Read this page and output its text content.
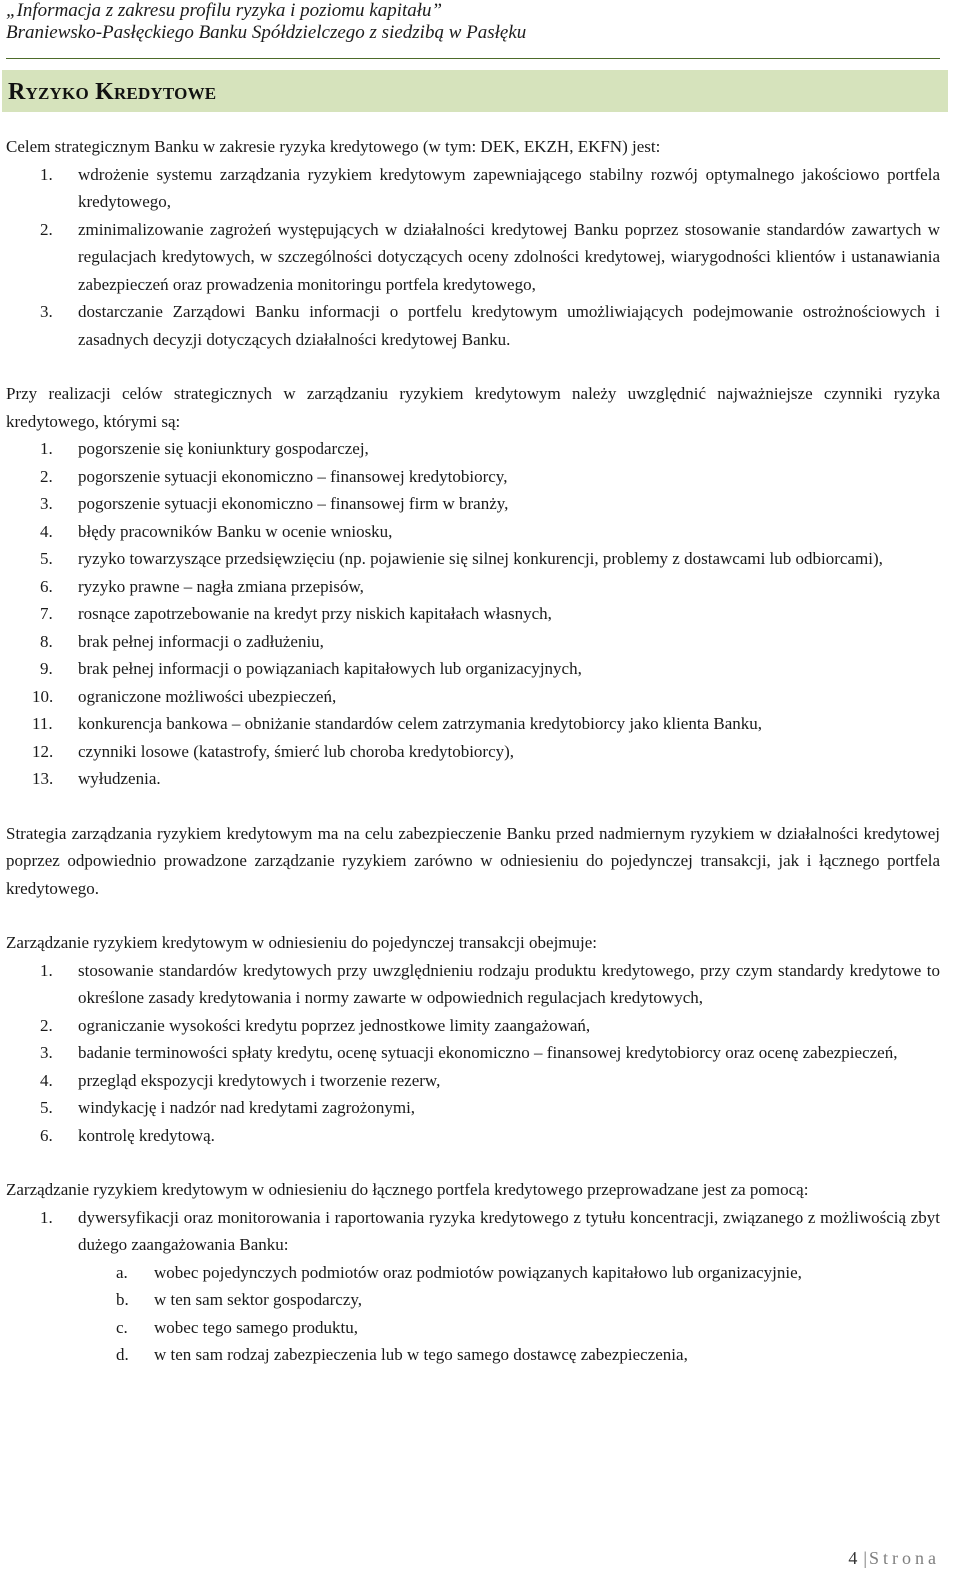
„Informacja z zakresu profilu ryzyka i poziomu kapitału”
Braniewsko-Pasłęckiego Banku Spółdzielczego z siedzibą w Pasłęku
Ryzyko Kredytowe

Celem strategicznym Banku w zakresie ryzyka kredytowego (w tym: DEK, EKZH, EKFN) jest:

1. wdrożenie systemu zarządzania ryzykiem kredytowym zapewniającego stabilny rozwój optymalnego jakościowo portfela kredytowego,
2. zminimalizowanie zagrożeń występujących w działalności kredytowej Banku poprzez stosowanie standardów zawartych w regulacjach kredytowych, w szczególności dotyczących oceny zdolności kredytowej, wiarygodności klientów i ustanawiania zabezpieczeń oraz prowadzenia monitoringu portfela kredytowego,
3. dostarczanie Zarządowi Banku informacji o portfelu kredytowym umożliwiających podejmowanie ostrożnościowych i zasadnych decyzji dotyczących działalności kredytowej Banku.

Przy realizacji celów strategicznych w zarządzaniu ryzykiem kredytowym należy uwzględnić najważniejsze czynniki ryzyka kredytowego, którymi są:

1. pogorszenie się koniunktury gospodarczej,
2. pogorszenie sytuacji ekonomiczno – finansowej kredytobiorcy,
3. pogorszenie sytuacji ekonomiczno – finansowej firm w branży,
4. błędy pracowników Banku w ocenie wniosku,
5. ryzyko towarzyszące przedsięwzięciu (np. pojawienie się silnej konkurencji, problemy z dostawcami lub odbiorcami),
6. ryzyko prawne – nagła zmiana przepisów,
7. rosnące zapotrzebowanie na kredyt przy niskich kapitałach własnych,
8. brak pełnej informacji o zadłużeniu,
9. brak pełnej informacji o powiązaniach kapitałowych lub organizacyjnych,
10. ograniczone możliwości ubezpieczeń,
11. konkurencja bankowa – obniżanie standardów celem zatrzymania kredytobiorcy jako klienta Banku,
12. czynniki losowe (katastrofy, śmierć lub choroba kredytobiorcy),
13. wyłudzenia.

Strategia zarządzania ryzykiem kredytowym ma na celu zabezpieczenie Banku przed nadmiernym ryzykiem w działalności kredytowej poprzez odpowiednio prowadzone zarządzanie ryzykiem zarówno w odniesieniu do pojedynczej transakcji, jak i łącznego portfela kredytowego.

Zarządzanie ryzykiem kredytowym w odniesieniu do pojedynczej transakcji obejmuje:

1. stosowanie standardów kredytowych przy uwzględnieniu rodzaju produktu kredytowego, przy czym standardy kredytowe to określone zasady kredytowania i normy zawarte w odpowiednich regulacjach kredytowych,
2. ograniczanie wysokości kredytu poprzez jednostkowe limity zaangażowań,
3. badanie terminowości spłaty kredytu, ocenę sytuacji ekonomiczno – finansowej kredytobiorcy oraz ocenę zabezpieczeń,
4. przegląd ekspozycji kredytowych i tworzenie rezerw,
5. windykację i nadzór nad kredytami zagrożonymi,
6. kontrolę kredytową.

Zarządzanie ryzykiem kredytowym w odniesieniu do łącznego portfela kredytowego przeprowadzane jest za pomocą:

1. dywersyfikacji oraz monitorowania i raportowania ryzyka kredytowego z tytułu koncentracji, związanego z możliwością zbyt dużego zaangażowania Banku:
a. wobec pojedynczych podmiotów oraz podmiotów powiązanych kapitałowo lub organizacyjnie,
b. w ten sam sektor gospodarczy,
c. wobec tego samego produktu,
d. w ten sam rodzaj zabezpieczenia lub w tego samego dostawcę zabezpieczenia,
4 | Strona
